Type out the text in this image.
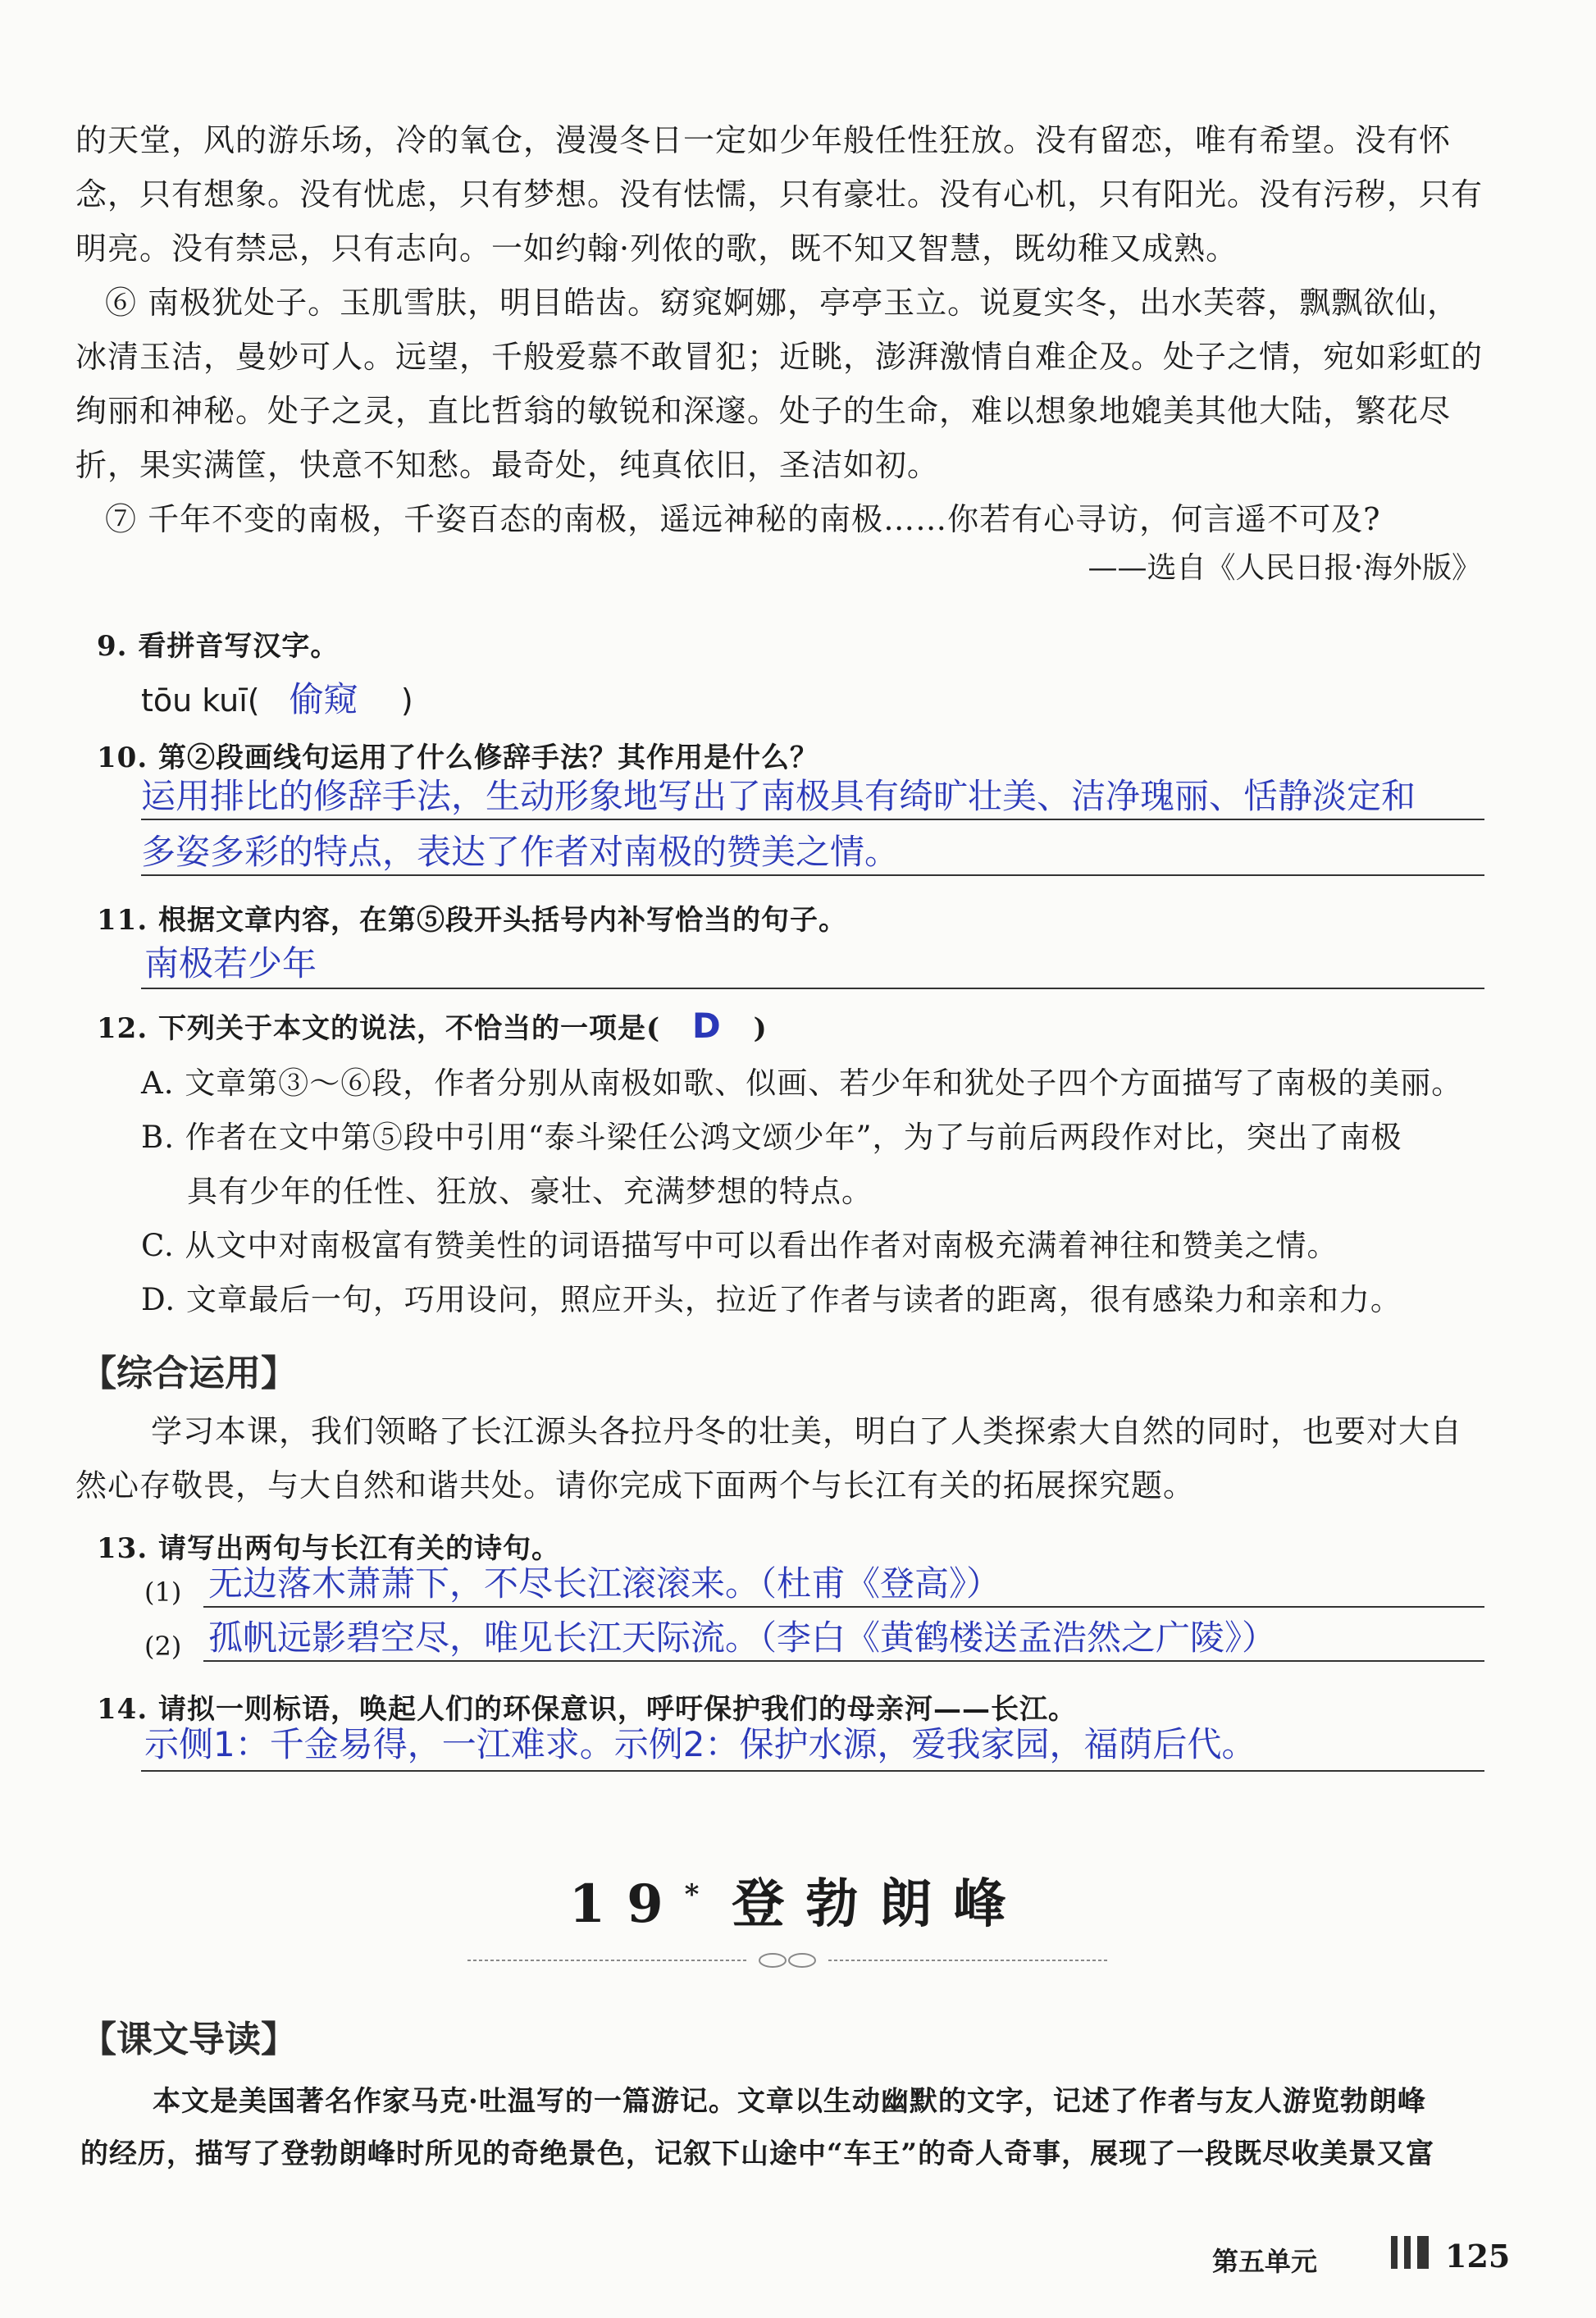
的天堂，风的游乐场，冷的氧仓，漫漫冬日一定如少年般任性狂放。没有留恋，唯有希望。没有怀
念，只有想象。没有忧虑，只有梦想。没有怯懦，只有豪壮。没有心机，只有阳光。没有污秽，只有
明亮。没有禁忌，只有志向。一如约翰·列侬的歌，既不知又智慧，既幼稚又成熟。
⑥ 南极犹处子。玉肌雪肤，明目皓齿。窈窕婀娜，亭亭玉立。说夏实冬，出水芙蓉，飘飘欲仙，
冰清玉洁，曼妙可人。远望，千般爱慕不敢冒犯；近眺，澎湃激情自难企及。处子之情，宛如彩虹的
绚丽和神秘。处子之灵，直比哲翁的敏锐和深邃。处子的生命，难以想象地媲美其他大陆，繁花尽
折，果实满筐，快意不知愁。最奇处，纯真依旧，圣洁如初。
⑦ 千年不变的南极，千姿百态的南极，遥远神秘的南极……你若有心寻访，何言遥不可及?
——选自《人民日报·海外版》
9. 看拼音写汉字。
tōu kuī( 偷窥 )
10. 第②段画线句运用了什么修辞手法？其作用是什么？
运用排比的修辞手法，生动形象地写出了南极具有绮旷壮美、洁净瑰丽、恬静淡定和
多姿多彩的特点，表达了作者对南极的赞美之情。
11. 根据文章内容，在第⑤段开头括号内补写恰当的句子。
南极若少年
12. 下列关于本文的说法，不恰当的一项是( D )
A. 文章第③～⑥段，作者分别从南极如歌、似画、若少年和犹处子四个方面描写了南极的美丽。
B. 作者在文中第⑤段中引用“泰斗梁任公鸿文颂少年”，为了与前后两段作对比，突出了南极
具有少年的任性、狂放、豪壮、充满梦想的特点。
C. 从文中对南极富有赞美性的词语描写中可以看出作者对南极充满着神往和赞美之情。
D. 文章最后一句，巧用设问，照应开头，拉近了作者与读者的距离，很有感染力和亲和力。
【综合运用】
学习本课，我们领略了长江源头各拉丹冬的壮美，明白了人类探索大自然的同时，也要对大自
然心存敬畏，与大自然和谐共处。请你完成下面两个与长江有关的拓展探究题。
13. 请写出两句与长江有关的诗句。
(1) 无边落木萧萧下，不尽长江滚滚来。（杜甫《登高》）
(2) 孤帆远影碧空尽，唯见长江天际流。（李白《黄鹤楼送孟浩然之广陵》）
14. 请拟一则标语，唤起人们的环保意识，呼吁保护我们的母亲河——长江。
示侧1：千金易得，一江难求。示例2：保护水源，爱我家园，福荫后代。
19* 登勃朗峰
【课文导读】
本文是美国著名作家马克·吐温写的一篇游记。文章以生动幽默的文字，记述了作者与友人游览勃朗峰
的经历，描写了登勃朗峰时所见的奇绝景色，记叙下山途中“车王”的奇人奇事，展现了一段既尽收美景又富
第五单元	125
